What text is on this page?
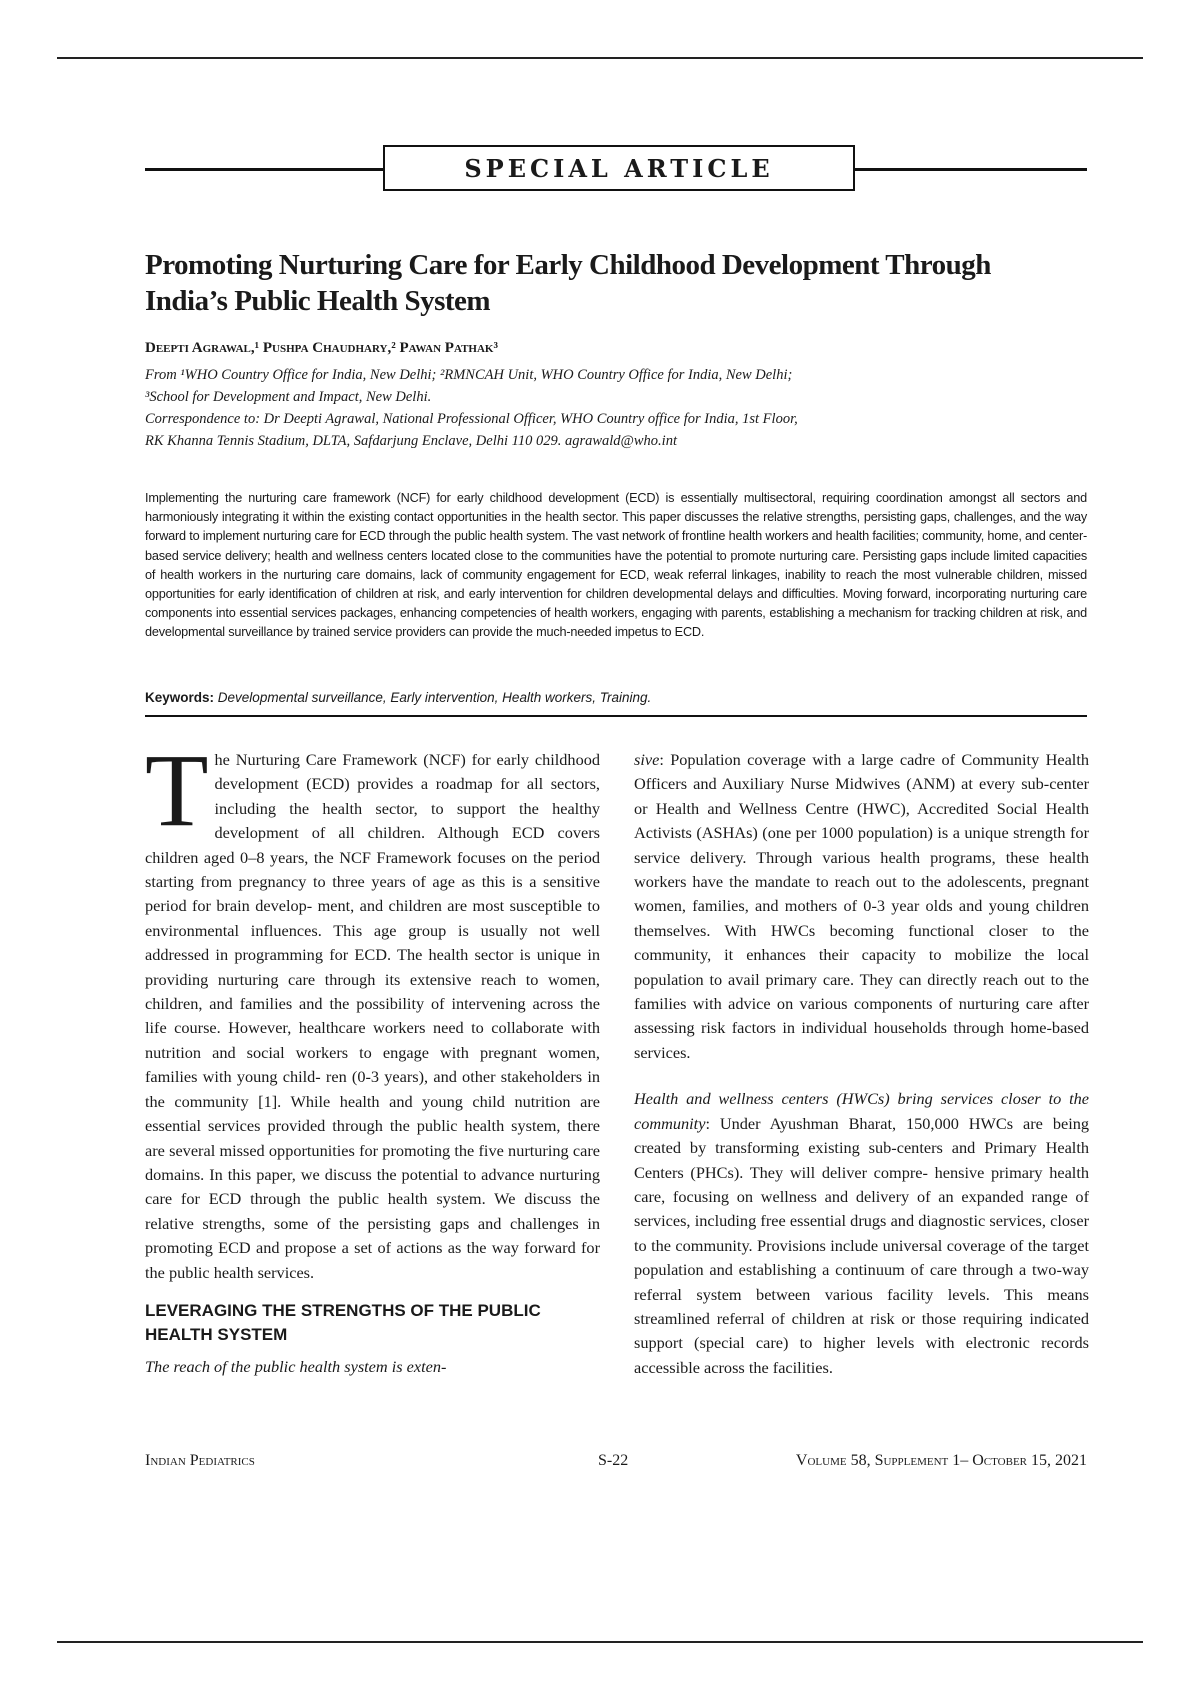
SPECIAL ARTICLE
Promoting Nurturing Care for Early Childhood Development Through India’s Public Health System
Deepti Agrawal,¹ Pushpa Chaudhary,² Pawan Pathak³

From ¹WHO Country Office for India, New Delhi; ²RMNCAH Unit, WHO Country Office for India, New Delhi;

³School for Development and Impact, New Delhi.

Correspondence to: Dr Deepti Agrawal, National Professional Officer, WHO Country office for India, 1st Floor,

RK Khanna Tennis Stadium, DLTA, Safdarjung Enclave, Delhi 110 029. agrawald@who.int

Implementing the nurturing care framework (NCF) for early childhood development (ECD) is essentially multisectoral, requiring coordination amongst all sectors and harmoniously integrating it within the existing contact opportunities in the health sector. This paper discusses the relative strengths, persisting gaps, challenges, and the way forward to implement nurturing care for ECD through the public health system. The vast network of frontline health workers and health facilities; community, home, and center-based service delivery; health and wellness centers located close to the communities have the potential to promote nurturing care. Persisting gaps include limited capacities of health workers in the nurturing care domains, lack of community engagement for ECD, weak referral linkages, inability to reach the most vulnerable children, missed opportunities for early identification of children at risk, and early intervention for children developmental delays and difficulties. Moving forward, incorporating nurturing care components into essential services packages, enhancing competencies of health workers, engaging with parents, establishing a mechanism for tracking children at risk, and developmental surveillance by trained service providers can provide the much-needed impetus to ECD.

Keywords: Developmental surveillance, Early intervention, Health workers, Training.

The Nurturing Care Framework (NCF) for early childhood development (ECD) provides a roadmap for all sectors, including the health sector, to support the healthy development of all children. Although ECD covers children aged 0–8 years, the NCF Framework focuses on the period starting from pregnancy to three years of age as this is a sensitive period for brain develop- ment, and children are most susceptible to environmental influences. This age group is usually not well addressed in programming for ECD. The health sector is unique in providing nurturing care through its extensive reach to women, children, and families and the possibility of intervening across the life course. However, healthcare workers need to collaborate with nutrition and social workers to engage with pregnant women, families with young child- ren (0-3 years), and other stakeholders in the community [1]. While health and young child nutrition are essential services provided through the public health system, there are several missed opportunities for promoting the five nurturing care domains. In this paper, we discuss the potential to advance nurturing care for ECD through the public health system. We discuss the relative strengths, some of the persisting gaps and challenges in promoting ECD and propose a set of actions as the way forward for the public health services.

LEVERAGING THE STRENGTHS OF THE PUBLIC HEALTH SYSTEM

The reach of the public health system is exten-

sive: Population coverage with a large cadre of Community Health Officers and Auxiliary Nurse Midwives (ANM) at every sub-center or Health and Wellness Centre (HWC), Accredited Social Health Activists (ASHAs) (one per 1000 population) is a unique strength for service delivery. Through various health programs, these health workers have the mandate to reach out to the adolescents, pregnant women, families, and mothers of 0-3 year olds and young children themselves. With HWCs becoming functional closer to the community, it enhances their capacity to mobilize the local population to avail primary care. They can directly reach out to the families with advice on various components of nurturing care after assessing risk factors in individual households through home-based services.

Health and wellness centers (HWCs) bring services closer to the community: Under Ayushman Bharat, 150,000 HWCs are being created by transforming existing sub-centers and Primary Health Centers (PHCs). They will deliver compre- hensive primary health care, focusing on wellness and delivery of an expanded range of services, including free essential drugs and diagnostic services, closer to the community. Provisions include universal coverage of the target population and establishing a continuum of care through a two-way referral system between various facility levels. This means streamlined referral of children at risk or those requiring indicated support (special care) to higher levels with electronic records accessible across the facilities.

Indian Pediatrics	S-22	Volume 58, Supplement 1– October 15, 2021
